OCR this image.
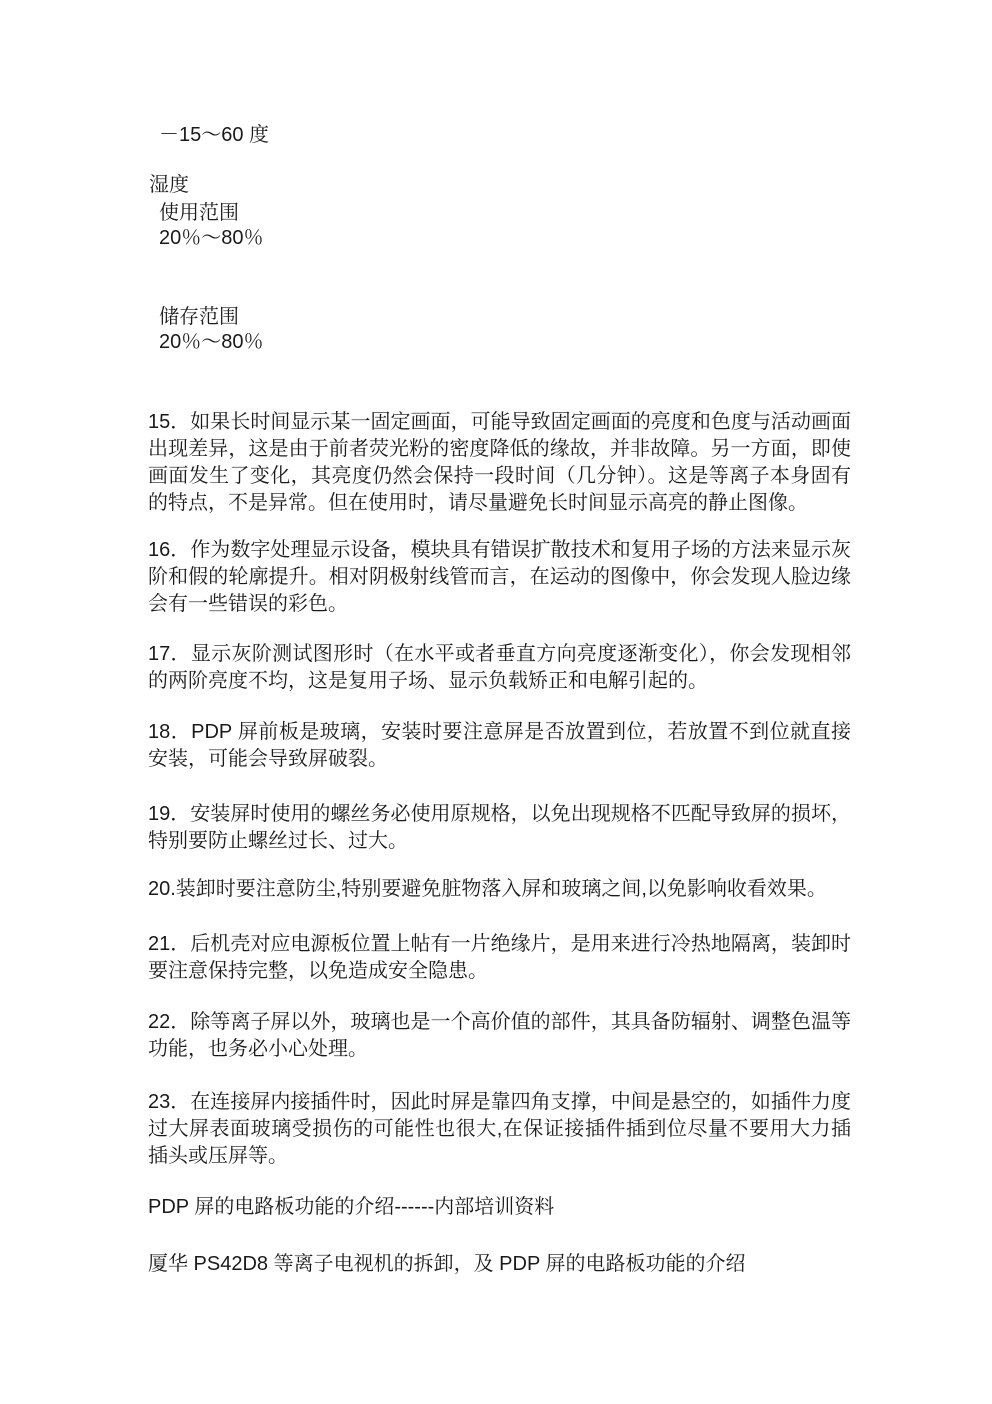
－15～60 度

湿度

使用范围

20％～80％

储存范围

20％～80％

15．如果长时间显示某一固定画面，可能导致固定画面的亮度和色度与活动画面出现差异，这是由于前者荧光粉的密度降低的缘故，并非故障。另一方面，即使画面发生了变化，其亮度仍然会保持一段时间（几分钟）。这是等离子本身固有的特点，不是异常。但在使用时，请尽量避免长时间显示高亮的静止图像。

16．作为数字处理显示设备，模块具有错误扩散技术和复用子场的方法来显示灰阶和假的轮廓提升。相对阴极射线管而言，在运动的图像中，你会发现人脸边缘会有一些错误的彩色。

17．显示灰阶测试图形时（在水平或者垂直方向亮度逐渐变化），你会发现相邻的两阶亮度不均，这是复用子场、显示负载矫正和电解引起的。

18．PDP 屏前板是玻璃，安装时要注意屏是否放置到位，若放置不到位就直接安装，可能会导致屏破裂。

19．安装屏时使用的螺丝务必使用原规格，以免出现规格不匹配导致屏的损坏，特别要防止螺丝过长、过大。

20.装卸时要注意防尘,特别要避免脏物落入屏和玻璃之间,以免影响收看效果。

21．后机壳对应电源板位置上帖有一片绝缘片，是用来进行冷热地隔离，装卸时要注意保持完整，以免造成安全隐患。

22．除等离子屏以外，玻璃也是一个高价值的部件，其具备防辐射、调整色温等功能，也务必小心处理。

23．在连接屏内接插件时，因此时屏是靠四角支撑，中间是悬空的，如插件力度过大屏表面玻璃受损伤的可能性也很大,在保证接插件插到位尽量不要用大力插插头或压屏等。

PDP 屏的电路板功能的介绍------内部培训资料

厦华 PS42D8 等离子电视机的拆卸，及 PDP 屏的电路板功能的介绍
